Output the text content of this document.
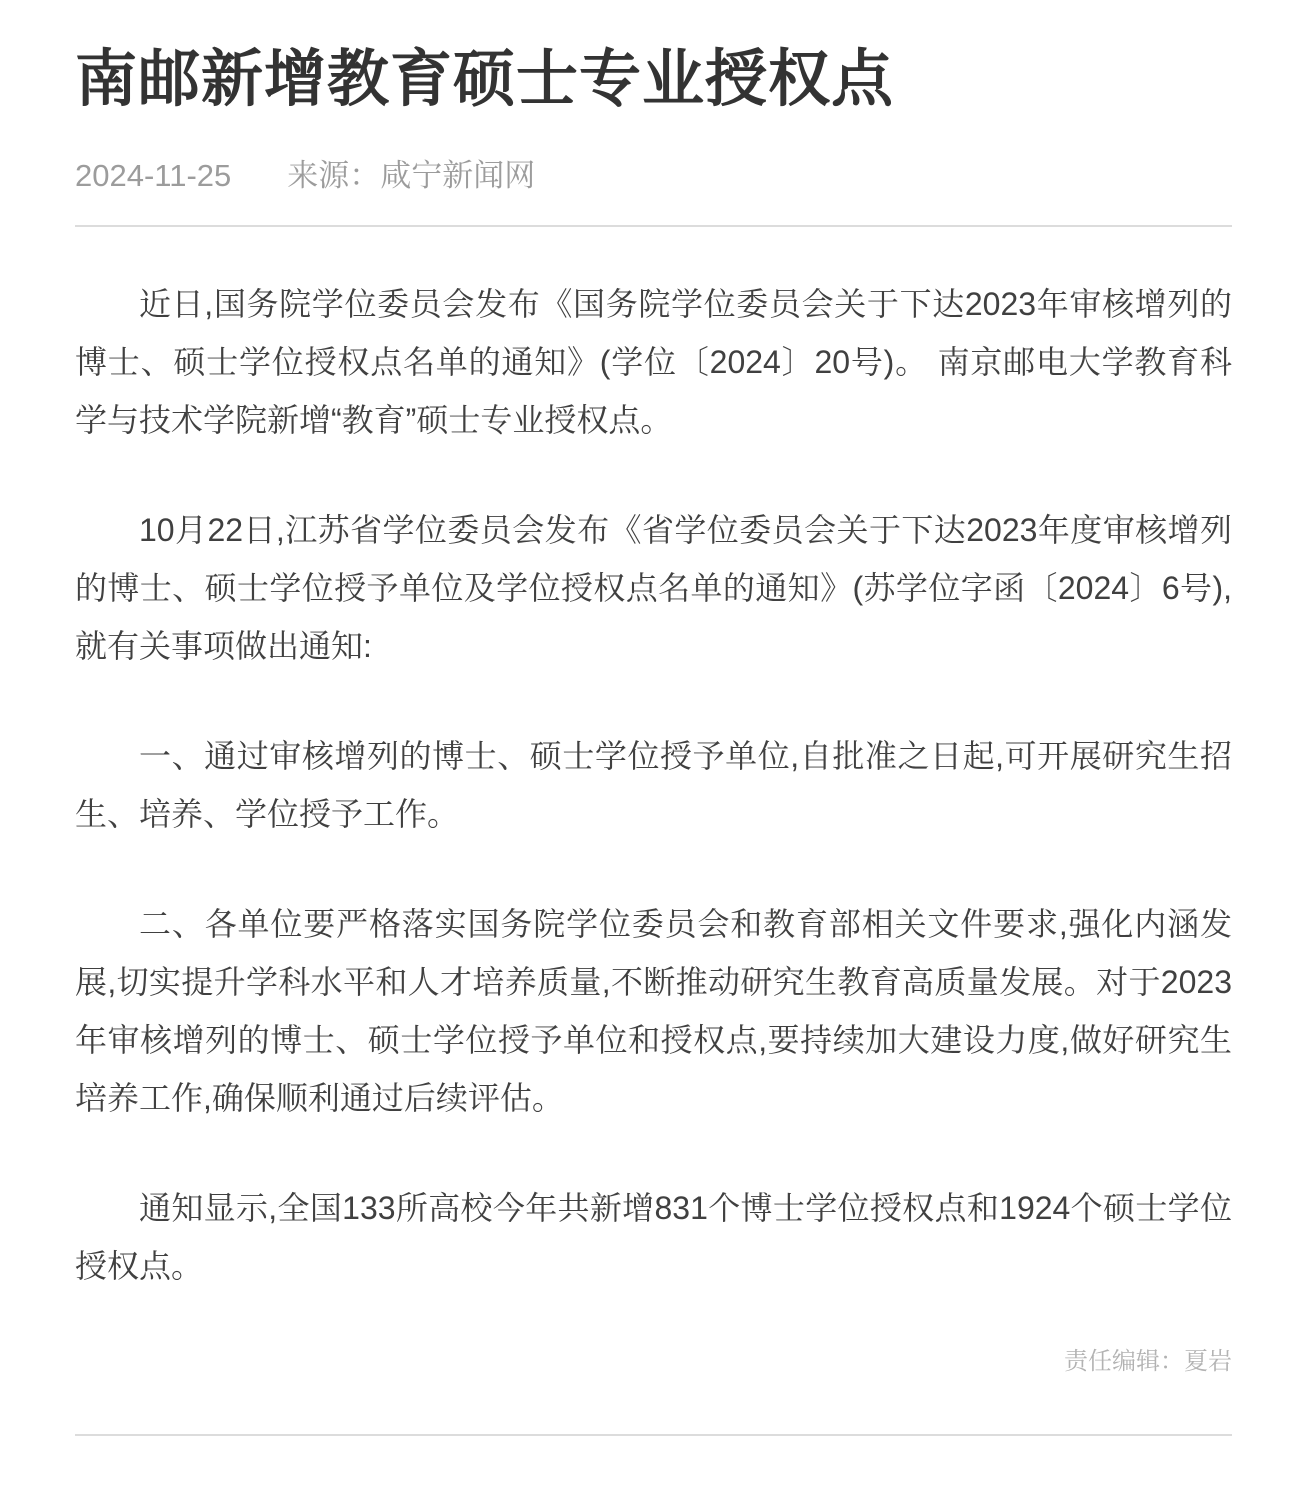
南邮新增教育硕士专业授权点
2024-11-25 来源：咸宁新闻网

近日,国务院学位委员会发布《国务院学位委员会关于下达2023年审核增列的博士、硕士学位授权点名单的通知》(学位〔2024〕20号)。 南京邮电大学教育科学与技术学院新增“教育”硕士专业授权点。

10月22日,江苏省学位委员会发布《省学位委员会关于下达2023年度审核增列的博士、硕士学位授予单位及学位授权点名单的通知》(苏学位字函〔2024〕6号),就有关事项做出通知:

一、通过审核增列的博士、硕士学位授予单位,自批准之日起,可开展研究生招生、培养、学位授予工作。

二、各单位要严格落实国务院学位委员会和教育部相关文件要求,强化内涵发展,切实提升学科水平和人才培养质量,不断推动研究生教育高质量发展。对于2023年审核增列的博士、硕士学位授予单位和授权点,要持续加大建设力度,做好研究生培养工作,确保顺利通过后续评估。

通知显示,全国133所高校今年共新增831个博士学位授权点和1924个硕士学位授权点。

责任编辑：夏岩
